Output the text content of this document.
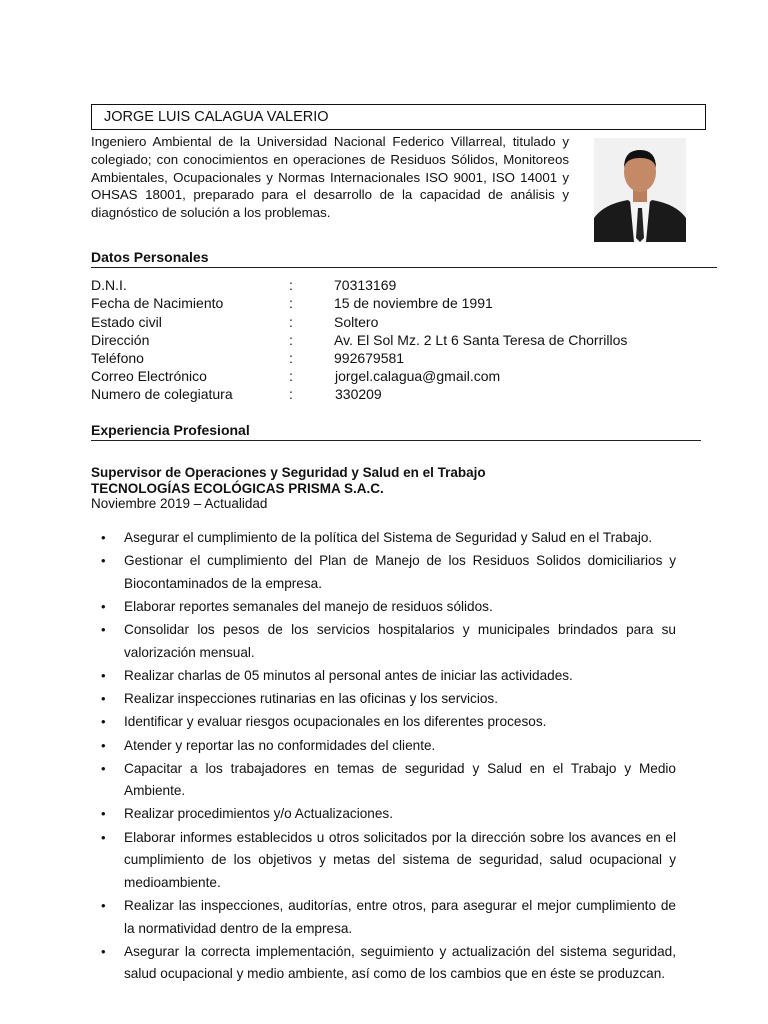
JORGE LUIS CALAGUA VALERIO
Ingeniero Ambiental de la Universidad Nacional Federico Villarreal, titulado y colegiado; con conocimientos en operaciones de Residuos Sólidos, Monitoreos Ambientales, Ocupacionales y Normas Internacionales ISO 9001, ISO 14001 y OHSAS 18001, preparado para el desarrollo de la capacidad de análisis y diagnóstico de solución a los problemas.
Datos Personales
D.N.I.	:	70313169
Fecha de Nacimiento	:	15 de noviembre de 1991
Estado civil	:	Soltero
Dirección	:	Av. El Sol Mz. 2 Lt 6 Santa Teresa de Chorrillos
Teléfono	:	992679581
Correo Electrónico	:	jorgel.calagua@gmail.com
Numero de colegiatura	:	330209
Experiencia Profesional
Supervisor de Operaciones y Seguridad y Salud en el Trabajo
TECNOLOGÍAS ECOLÓGICAS PRISMA S.A.C.
Noviembre 2019 – Actualidad
• Asegurar el cumplimiento de la política del Sistema de Seguridad y Salud en el Trabajo.
• Gestionar el cumplimiento del Plan de Manejo de los Residuos Solidos domiciliarios y Biocontaminados de la empresa.
• Elaborar reportes semanales del manejo de residuos sólidos.
• Consolidar los pesos de los servicios hospitalarios y municipales brindados para su valorización mensual.
• Realizar charlas de 05 minutos al personal antes de iniciar las actividades.
• Realizar inspecciones rutinarias en las oficinas y los servicios.
• Identificar y evaluar riesgos ocupacionales en los diferentes procesos.
• Atender y reportar las no conformidades del cliente.
• Capacitar a los trabajadores en temas de seguridad y Salud en el Trabajo y Medio Ambiente.
• Realizar procedimientos y/o Actualizaciones.
• Elaborar informes establecidos u otros solicitados por la dirección sobre los avances en el cumplimiento de los objetivos y metas del sistema de seguridad, salud ocupacional y medioambiente.
• Realizar las inspecciones, auditorías, entre otros, para asegurar el mejor cumplimiento de la normatividad dentro de la empresa.
• Asegurar la correcta implementación, seguimiento y actualización del sistema seguridad, salud ocupacional y medio ambiente, así como de los cambios que en éste se produzcan.
